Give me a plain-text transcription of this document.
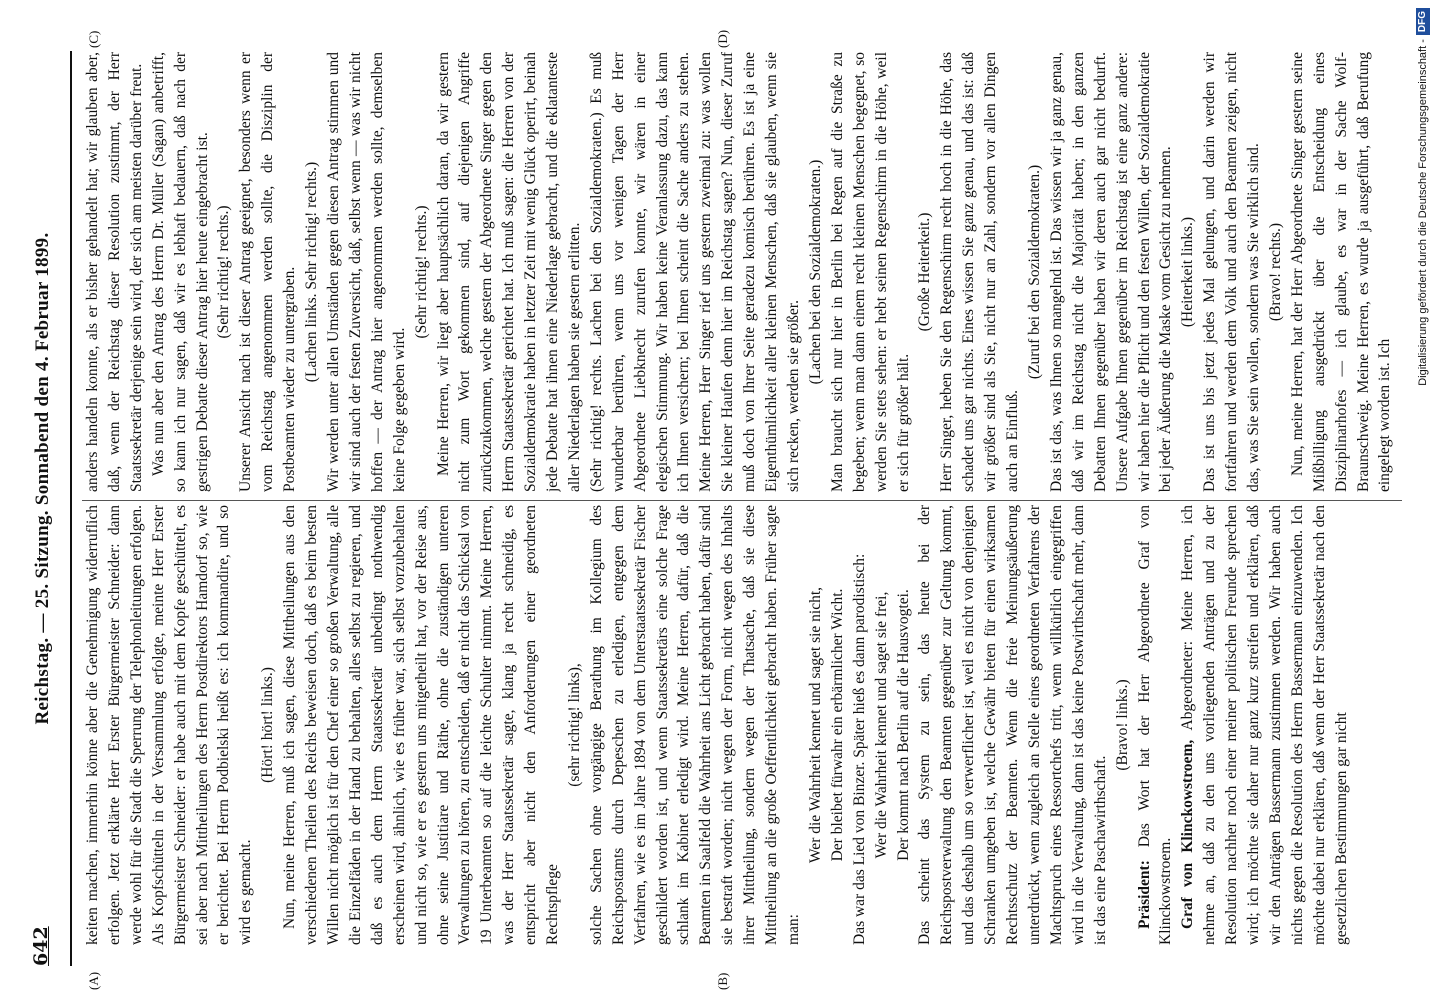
642
Reichstag. — 25. Sitzung. Sonnabend den 4. Februar 1899.
(A)	(B)
(C)	(D)

keiten machen, immerhin könne aber die Genehmigung widerruflich erfolgen. Jetzt erklärte Herr Erster Bürgermeister Schneider: dann werde wohl für die Stadt die Sperrung der Telephonleitungen erfolgen. Als Kopfschütteln in der Versammlung erfolgte, meinte Herr Erster Bürgermeister Schneider: er habe auch mit dem Kopfe geschüttelt, es sei aber nach Mittheilungen des Herrn Postdirektors Hamdorf so, wie er berichtet. Bei Herrn Podbielski heißt es: ich kommandire, und so wird es gemacht.

(Hört! hört! links.) Nun, meine Herren, muß ich sagen, diese Mittheilungen aus den verschiedenen Theilen des Reichs beweisen doch, daß es beim besten Willen nicht möglich ist für den Chef einer so großen Verwaltung, alle die Einzelfäden in der Hand zu behalten, alles selbst zu regieren, und daß es auch dem Herrn Staatssekretär unbedingt nothwendig erscheinen wird, ähnlich, wie es früher war, sich selbst vorzubehalten und nicht so, wie er es gestern uns mitgetheilt hat, vor der Reise aus, ohne seine Justitiare und Räthe, ohne die zuständigen unteren Verwaltungen zu hören, zu entscheiden, daß er nicht das Schicksal von 19 Unterbeamten so auf die leichte Schulter nimmt. Meine Herren, was der Herr Staatssekretär sagte, klang ja recht schneidig, es entspricht aber nicht den Anforderungen einer geordneten Rechtspflege

(sehr richtig! links), solche Sachen ohne vorgängige Berathung im Kollegium des Reichspostamts durch Depeschen zu erledigen, entgegen dem Verfahren, wie es im Jahre 1894 von dem Unterstaatssekretär Fischer geschildert worden ist, und wenn Staatssekretärs eine solche Frage schlank im Kabinet erledigt wird. Meine Herren, dafür, daß die Beamten in Saalfeld die Wahrheit ans Licht gebracht haben, dafür sind sie bestraft worden; nicht wegen der Form, nicht wegen des Inhalts ihrer Mittheilung, sondern wegen der Thatsache, daß sie diese Mittheilung an die große Oeffentlichkeit gebracht haben. Früher sagte man:

Wer die Wahrheit kennet und saget sie nicht, Der bleibet fürwahr ein erbärmlicher Wicht. Das war das Lied von Binzer. Später hieß es dann parodistisch: Wer die Wahrheit kennet und saget sie frei, Der kommt nach Berlin auf die Hausvogtei. Das scheint das System zu sein, das heute bei der Reichspostverwaltung den Beamten gegenüber zur Geltung kommt, und das deshalb um so verwerflicher ist, weil es nicht von denjenigen Schranken umgeben ist, welche Gewähr bieten für einen wirksamen Rechtsschutz der Beamten. Wenn die freie Meinungsäußerung unterdrückt, wenn zugleich an Stelle eines geordneten Verfahrens der Machtspruch eines Ressortchefs tritt, wenn willkürlich eingegriffen wird in die Verwaltung, dann ist das keine Postwirthschaft mehr, dann ist das eine Paschawirthschaft.

(Bravo! links.)

Präsident: Das Wort hat der Herr Abgeordnete Graf von Klinckowstroem. Graf von Klinckowstroem, Abgeordneter: Meine Herren, ich nehme an, daß zu den uns vorliegenden Anträgen und zu der Resolution nachher noch einer meiner politischen Freunde sprechen wird; ich möchte sie daher nur ganz kurz streifen und erklären, daß wir den Anträgen Bassermann zustimmen werden. Wir haben auch nichts gegen die Resolution des Herrn Bassermann einzuwenden. Ich möchte dabei nur erklären, daß wenn der Herr Staatssekretär nach den gesetzlichen Bestimmungen gar nicht

anders handeln konnte, als er bisher gehandelt hat; wir glauben aber, daß, wenn der Reichstag dieser Resolution zustimmt, der Herr Staatssekretär derjenige sein wird, der sich am meisten darüber freut. Was nun aber den Antrag des Herrn Dr. Müller (Sagan) anbetrifft, so kann ich nur sagen, daß wir es lebhaft bedauern, daß nach der gestrigen Debatte dieser Antrag hier heute eingebracht ist. (Sehr richtig! rechts.) Unserer Ansicht nach ist dieser Antrag geeignet, besonders wenn er vom Reichstag angenommen werden sollte, die Disziplin der Postbeamten wieder zu untergraben. (Lachen links. Sehr richtig! rechts.) Wir werden unter allen Umständen gegen diesen Antrag stimmen und wir sind auch der festen Zuversicht, daß, selbst wenn — was wir nicht hoffen — der Antrag hier angenommen werden sollte, demselben keine Folge gegeben wird.

(Sehr richtig! rechts.) Meine Herren, wir liegt aber hauptsächlich daran, da wir gestern nicht zum Wort gekommen sind, auf diejenigen Angriffe zurückzukommen, welche gestern der Abgeordnete Singer gegen den Herrn Staatssekretär gerichtet hat. Ich muß sagen: die Herren von der Sozialdemokratie haben in letzter Zeit mit wenig Glück operirt, beinah jede Debatte hat ihnen eine Niederlage gebracht, und die eklatanteste aller Niederlagen haben sie gestern erlitten. (Sehr richtig! rechts. Lachen bei den Sozialdemokraten.) Es muß wunderbar berühren, wenn uns vor wenigen Tagen der Herr Abgeordnete Liebknecht zurufen konnte, wir wären in einer elegischen Stimmung. Wir haben keine Veranlassung dazu, das kann ich Ihnen versichern; bei Ihnen scheint die Sache anders zu stehen. Meine Herren, Herr Singer rief uns gestern zweimal zu: was wollen Sie kleiner Haufen denn hier im Reichstag sagen? Nun, dieser Zuruf muß doch von Ihrer Seite geradezu komisch berühren. Es ist ja eine Eigenthümlichkeit aller kleinen Menschen, daß sie glauben, wenn sie sich recken, werden sie größer.

(Lachen bei den Sozialdemokraten.) Man braucht sich nur hier in Berlin bei Regen auf die Straße zu begeben; wenn man dann einem recht kleinen Menschen begegnet, so werden Sie stets sehen: er hebt seinen Regenschirm in die Höhe, weil er sich für größer hält.

(Große Heiterkeit.) Herr Singer, heben Sie den Regenschirm recht hoch in die Höhe, das schadet uns gar nichts. Eines wissen Sie ganz genau, und das ist: daß wir größer sind als Sie, nicht nur an Zahl, sondern vor allen Dingen auch an Einfluß.

(Zuruf bei den Sozialdemokraten.) Das ist das, was Ihnen so mangelnd ist. Das wissen wir ja ganz genau, daß wir im Reichstag nicht die Majorität haben; in den ganzen Debatten Ihnen gegenüber haben wir deren auch gar nicht bedurft. Unsere Aufgabe Ihnen gegenüber im Reichstag ist eine ganz andere: wir haben hier die Pflicht und den festen Willen, der Sozialdemokratie bei jeder Äußerung die Maske vom Gesicht zu nehmen. (Heiterkeit links.) Das ist uns bis jetzt jedes Mal gelungen, und darin werden wir fortfahren und werden dem Volk und auch den Beamten zeigen, nicht das, was Sie sein wollen, sondern was Sie wirklich sind. (Bravo! rechts.) Nun, meine Herren, hat der Herr Abgeordnete Singer gestern seine Mißbilligung ausgedrückt über die Entscheidung eines Disziplinarhofes — ich glaube, es war in der Sache Wolf-Braunschweig. Meine Herren, es wurde ja ausgeführt, daß Berufung eingelegt worden ist. Ich

Digitalisierung gefördert durch die Deutsche Forschungsgemeinschaft -
DFG
